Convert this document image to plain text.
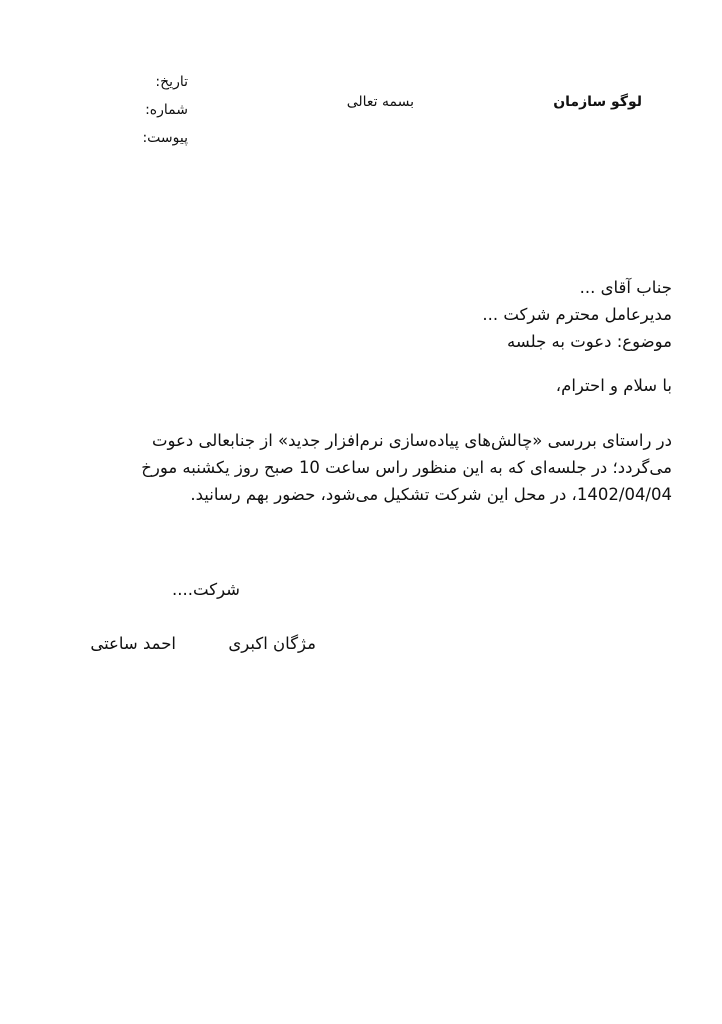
لوگو سازمان
بسمه تعالی
تاریخ:
شماره:
پیوست:
جناب آقای ...
مدیرعامل محترم شرکت ...
موضوع: دعوت به جلسه
با سلام و احترام،
در راستای بررسی «چالش‌های پیاده‌سازی نرم‌افزار جدید» از جنابعالی دعوت
می‌گردد؛ در جلسه‌ای که به این منظور راس ساعت 10 صبح روز یکشنبه مورخ
1402/04/04، در محل این شرکت تشکیل می‌شود، حضور بهم رسانید.
شرکت....
مژگان اکبری
احمد ساعتی
